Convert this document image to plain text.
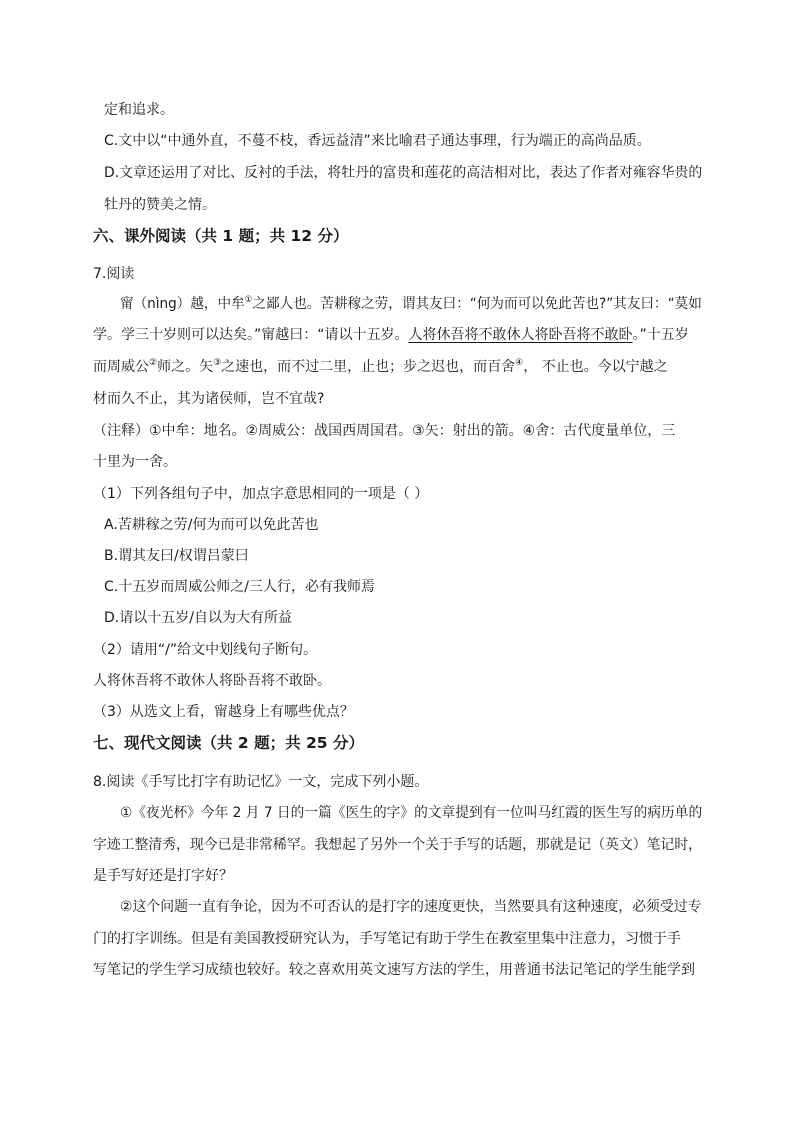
定和追求。
C.文中以“中通外直，不蔓不枝，香远益清”来比喻君子通达事理，行为端正的高尚品质。
D.文章还运用了对比、反衬的手法，将牡丹的富贵和莲花的高洁相对比，表达了作者对雍容华贵的
牡丹的赞美之情。
六、课外阅读（共 1 题；共 12 分）
7.阅读
甯（nìng）越，中牟①之鄙人也。苦耕稼之劳，谓其友曰：“何为而可以免此苦也?”其友曰：“莫如
学。学三十岁则可以达矣。”甯越曰：“请以十五岁。人将休吾将不敢休人将卧吾将不敢卧。”十五岁
而周威公②师之。矢③之速也，而不过二里，止也；步之迟也，而百舍④， 不止也。今以宁越之
材而久不止，其为诸侯师，岂不宜哉?
（注释）①中牟：地名。②周威公：战国西周国君。③矢：射出的箭。④舍：古代度量单位，三
十里为一舍。
（1）下列各组句子中，加点字意思相同的一项是（ ）
A.苦耕稼之劳/何为而可以免此苦也
B.谓其友曰/权谓吕蒙曰
C.十五岁而周威公师之/三人行，必有我师焉
D.请以十五岁/自以为大有所益
（2）请用“/”给文中划线句子断句。
人将休吾将不敢休人将卧吾将不敢卧。
（3）从选文上看，甯越身上有哪些优点？
七、现代文阅读（共 2 题；共 25 分）
8.阅读《手写比打字有助记忆》一文，完成下列小题。
①《夜光杯》今年 2 月 7 日的一篇《医生的字》的文章提到有一位叫马红霞的医生写的病历单的
字迹工整清秀，现今已是非常稀罕。我想起了另外一个关于手写的话题，那就是记（英文）笔记时，
是手写好还是打字好？
②这个问题一直有争论，因为不可否认的是打字的速度更快，当然要具有这种速度，必须受过专
门的打字训练。但是有美国教授研究认为，手写笔记有助于学生在教室里集中注意力，习惯于手
写笔记的学生学习成绩也较好。较之喜欢用英文速写方法的学生，用普通书法记笔记的学生能学到
